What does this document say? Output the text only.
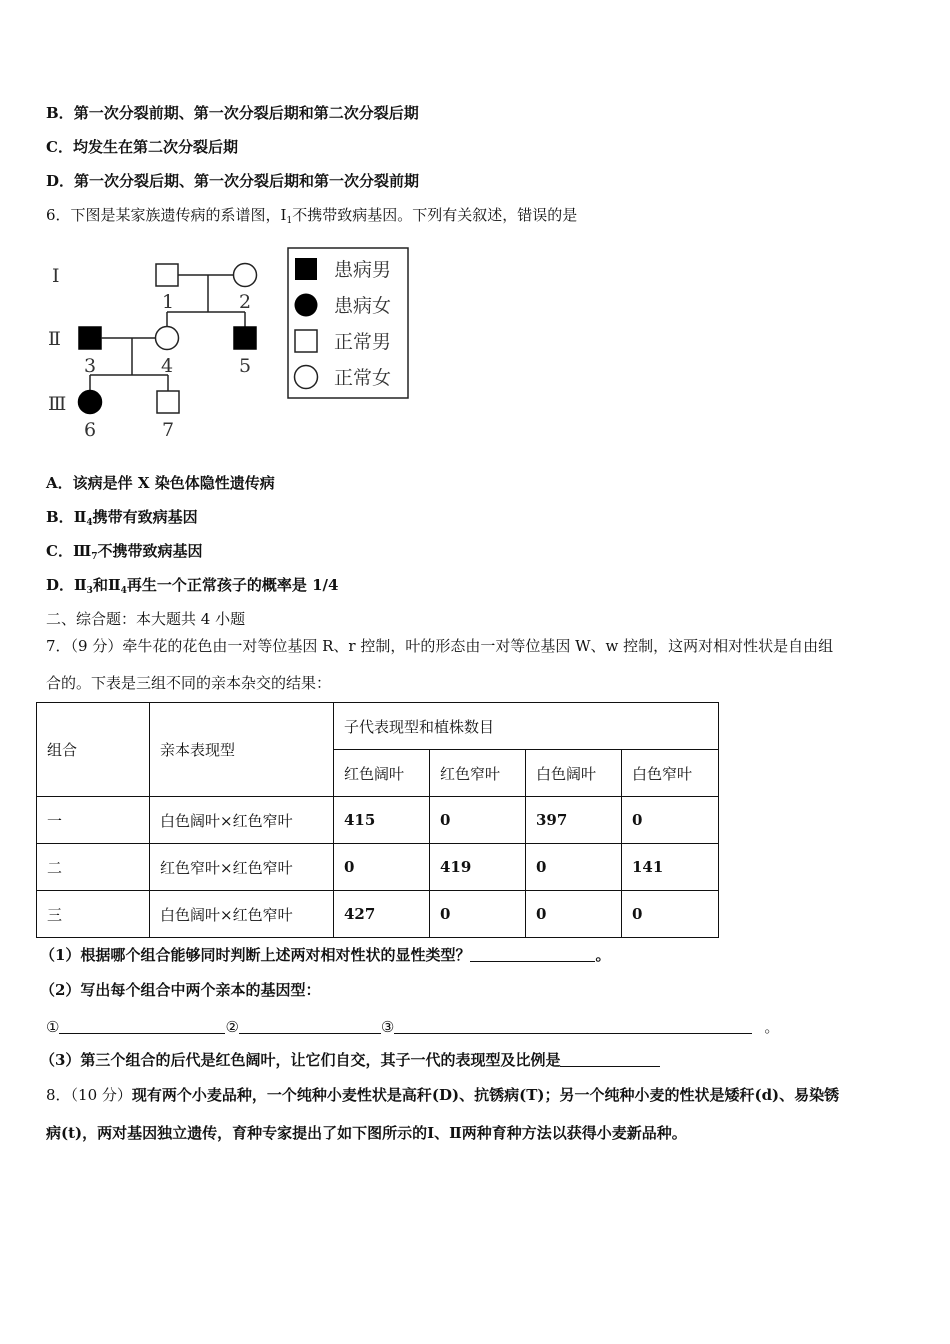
B．第一次分裂前期、第一次分裂后期和第二次分裂后期
C．均发生在第二次分裂后期
D．第一次分裂后期、第一次分裂后期和第一次分裂前期
6．下图是某家族遗传病的系谱图，$Ⅰ_1$不携带致病基因。下列有关叙述，错误的是
Ⅰ
Ⅱ
Ⅲ
1	2
3	4	5
6	7
患病男
患病女
正常男
正常女
A．该病是伴 X 染色体隐性遗传病
B．$Ⅱ_4$携带有致病基因
C．$Ⅲ_7$不携带致病基因
D．$Ⅱ_3$和$Ⅱ_4$再生一个正常孩子的概率是 1/4
二、综合题：本大题共 4 小题
7．（9 分）牵牛花的花色由一对等位基因 R、r 控制，叶的形态由一对等位基因 W、w 控制，这两对相对性状是自由组
合的。下表是三组不同的亲本杂交的结果：
组合	亲本表现型	子代表现型和植株数目			
		红色阔叶	红色窄叶	白色阔叶	白色窄叶
一	白色阔叶×红色窄叶	415	0	397	0
二	红色窄叶×红色窄叶	0	419	0	141
三	白色阔叶×红色窄叶	427	0	0	0
（1）根据哪个组合能够同时判断上述两对相对性状的显性类型？	。
（2）写出每个组合中两个亲本的基因型：
①	②	③	。
（3）第三个组合的后代是红色阔叶，让它们自交，其子一代的表现型及比例是
8．（10 分）现有两个小麦品种，一个纯种小麦性状是高秆(D)、抗锈病(T)；另一个纯种小麦的性状是矮秆(d)、易染锈
病(t)，两对基因独立遗传，育种专家提出了如下图所示的Ⅰ、Ⅱ两种育种方法以获得小麦新品种。
